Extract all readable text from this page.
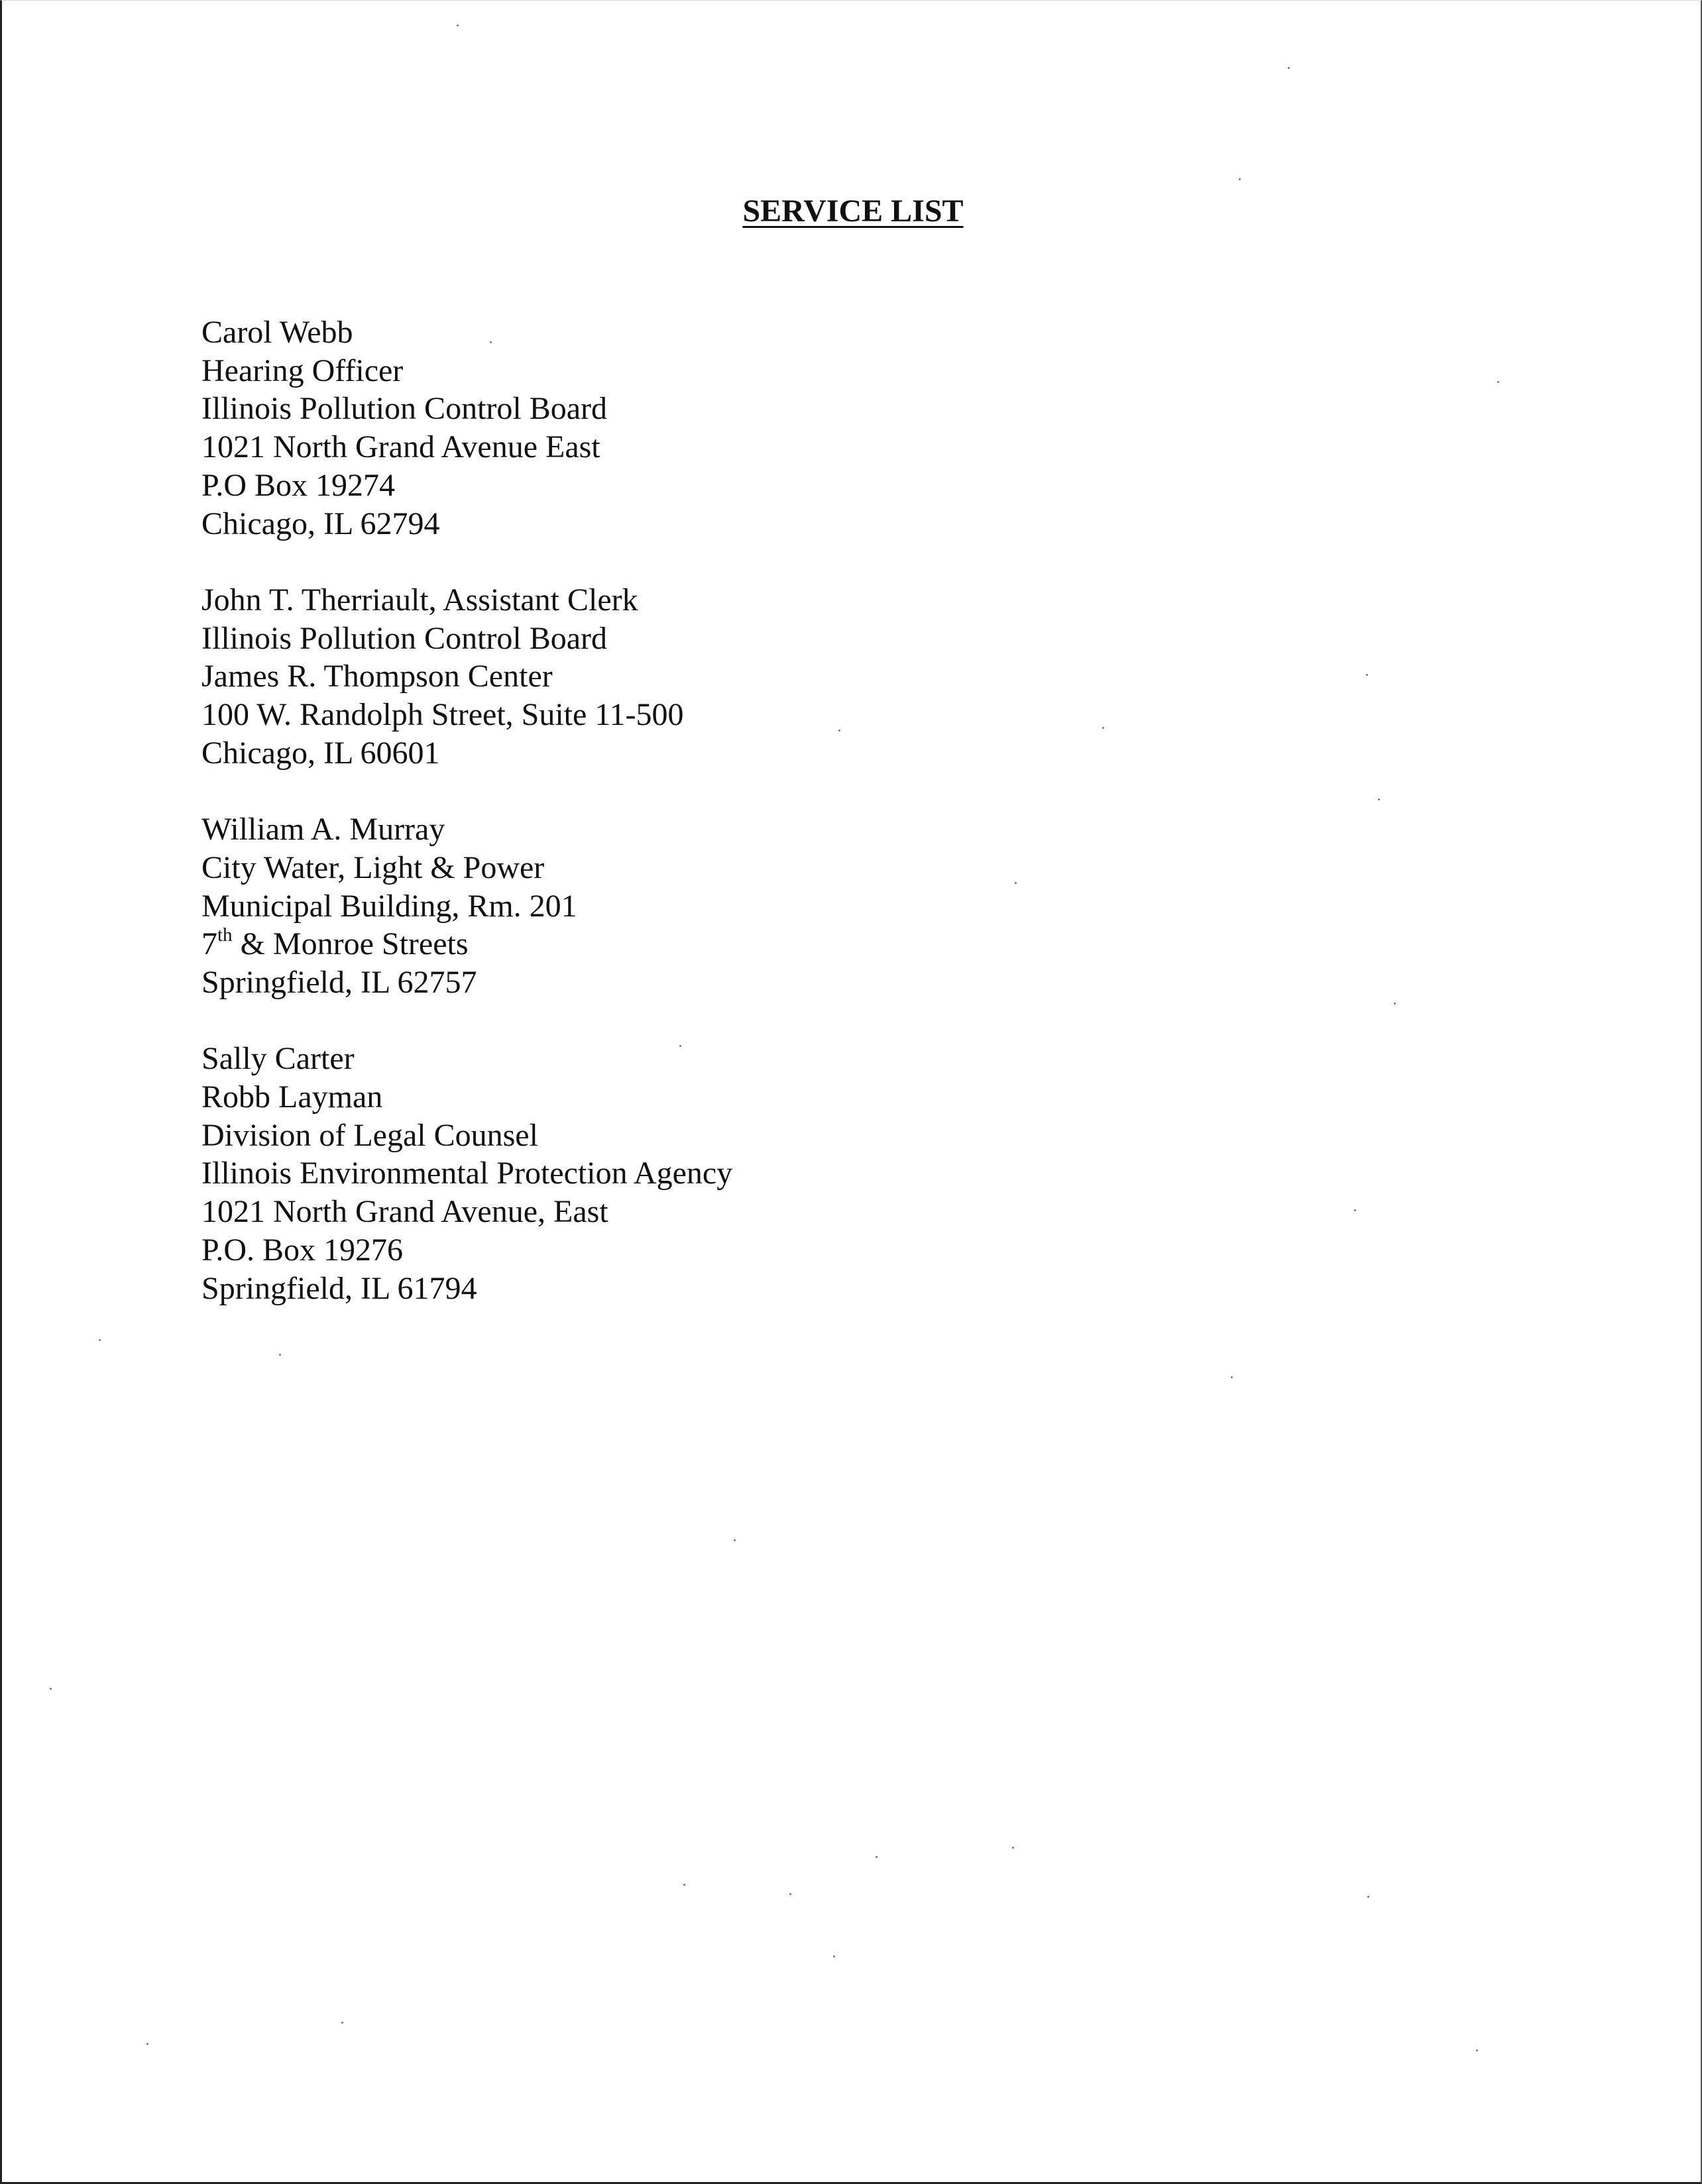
SERVICE LIST
Carol Webb
Hearing Officer
Illinois Pollution Control Board
1021 North Grand Avenue East
P.O Box 19274
Chicago, IL 62794
John T. Therriault, Assistant Clerk
Illinois Pollution Control Board
James R. Thompson Center
100 W. Randolph Street, Suite 11-500
Chicago, IL 60601
William A. Murray
City Water, Light & Power
Municipal Building, Rm. 201
7th & Monroe Streets
Springfield, IL 62757
Sally Carter
Robb Layman
Division of Legal Counsel
Illinois Environmental Protection Agency
1021 North Grand Avenue, East
P.O. Box 19276
Springfield, IL 61794
